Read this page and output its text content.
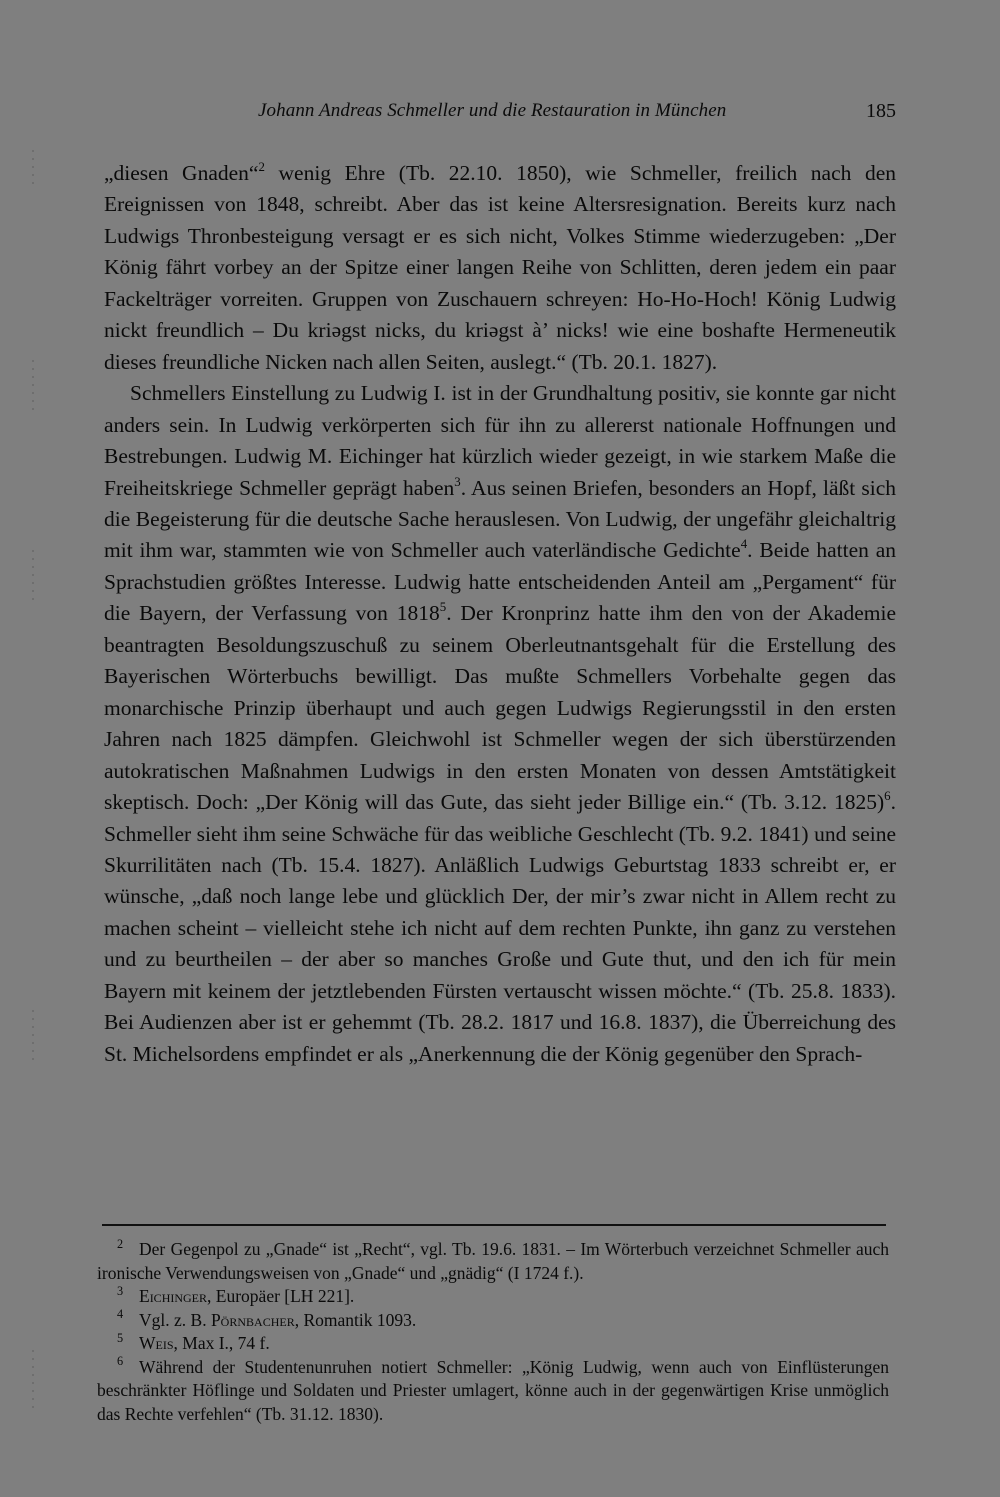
Johann Andreas Schmeller und die Restauration in München	185

„diesen Gnaden“$^2$ wenig Ehre (Tb. 22.10. 1850), wie Schmeller, freilich nach den Ereignissen von 1848, schreibt. Aber das ist keine Altersresignation. Bereits kurz nach Ludwigs Thronbesteigung versagt er es sich nicht, Volkes Stimme wiederzugeben: „Der König fährt vorbey an der Spitze einer langen Reihe von Schlitten, deren jedem ein paar Fackelträger vorreiten. Gruppen von Zuschauern schreyen: Ho-Ho-Hoch! König Ludwig nickt freundlich – Du kriəgst nicks, du kriəgst à’ nicks! wie eine boshafte Hermeneutik dieses freundliche Nicken nach allen Seiten, auslegt.“ (Tb. 20.1. 1827).

Schmellers Einstellung zu Ludwig I. ist in der Grundhaltung positiv, sie konnte gar nicht anders sein. In Ludwig verkörperten sich für ihn zu allererst nationale Hoffnungen und Bestrebungen. Ludwig M. Eichinger hat kürzlich wieder gezeigt, in wie starkem Maße die Freiheitskriege Schmeller geprägt haben$^3$. Aus seinen Briefen, besonders an Hopf, läßt sich die Begeisterung für die deutsche Sache herauslesen. Von Ludwig, der ungefähr gleichaltrig mit ihm war, stammten wie von Schmeller auch vaterländische Gedichte$^4$. Beide hatten an Sprachstudien größtes Interesse. Ludwig hatte entscheidenden Anteil am „Pergament“ für die Bayern, der Verfassung von 1818$^5$. Der Kronprinz hatte ihm den von der Akademie beantragten Besoldungszuschuß zu seinem Oberleutnantsgehalt für die Erstellung des Bayerischen Wörterbuchs bewilligt. Das mußte Schmellers Vorbehalte gegen das monarchische Prinzip überhaupt und auch gegen Ludwigs Regierungsstil in den ersten Jahren nach 1825 dämpfen. Gleichwohl ist Schmeller wegen der sich überstürzenden autokratischen Maßnahmen Ludwigs in den ersten Monaten von dessen Amtstätigkeit skeptisch. Doch: „Der König will das Gute, das sieht jeder Billige ein.“ (Tb. 3.12. 1825)$^6$. Schmeller sieht ihm seine Schwäche für das weibliche Geschlecht (Tb. 9.2. 1841) und seine Skurrilitäten nach (Tb. 15.4. 1827). Anläßlich Ludwigs Geburtstag 1833 schreibt er, er wünsche, „daß noch lange lebe und glücklich Der, der mir’s zwar nicht in Allem recht zu machen scheint – vielleicht stehe ich nicht auf dem rechten Punkte, ihn ganz zu verstehen und zu beurtheilen – der aber so manches Große und Gute thut, und den ich für mein Bayern mit keinem der jetztlebenden Fürsten vertauscht wissen möchte.“ (Tb. 25.8. 1833). Bei Audienzen aber ist er gehemmt (Tb. 28.2. 1817 und 16.8. 1837), die Überreichung des St. Michelsordens empfindet er als „Anerkennung die der König gegenüber den Sprach-

2 Der Gegenpol zu „Gnade“ ist „Recht“, vgl. Tb. 19.6. 1831. – Im Wörterbuch verzeichnet Schmeller auch ironische Verwendungsweisen von „Gnade“ und „gnädig“ (I 1724 f.).

3 Eichinger, Europäer [LH 221].

4 Vgl. z. B. Pörnbacher, Romantik 1093.

5 Weis, Max I., 74 f.

6 Während der Studentenunruhen notiert Schmeller: „König Ludwig, wenn auch von Einflüsterungen beschränkter Höflinge und Soldaten und Priester umlagert, könne auch in der gegenwärtigen Krise unmöglich das Rechte verfehlen“ (Tb. 31.12. 1830).
